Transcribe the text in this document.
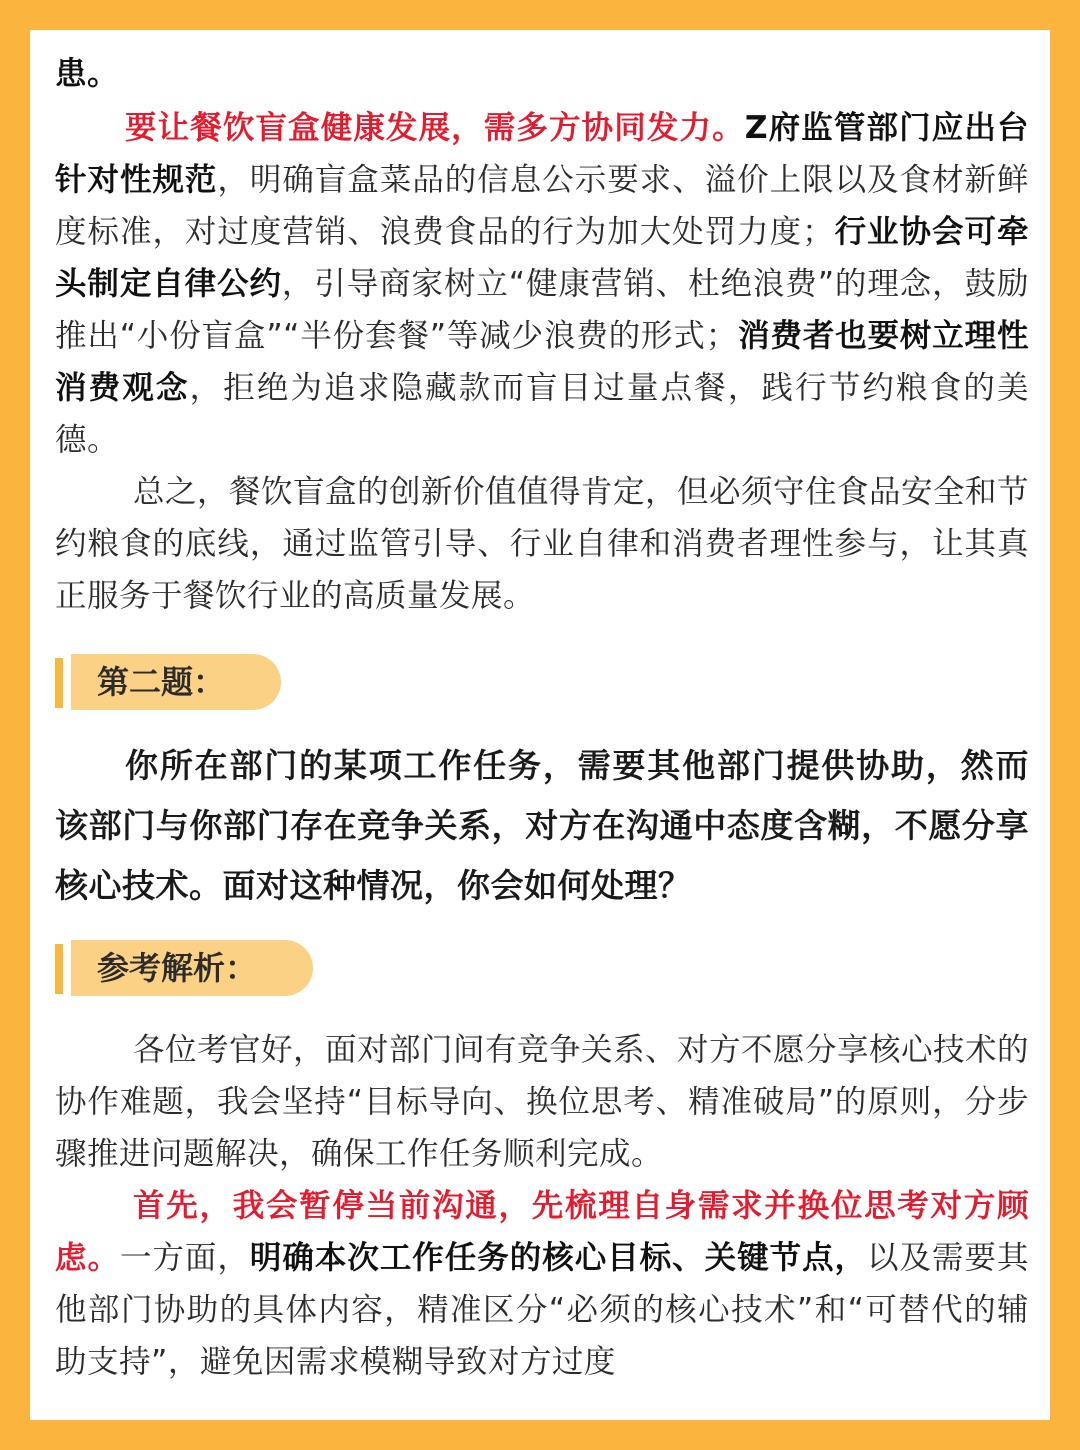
患。

要让餐饮盲盒健康发展，需多方协同发力。Z府监管部门应出台针对性规范，明确盲盒菜品的信息公示要求、溢价上限以及食材新鲜度标准，对过度营销、浪费食品的行为加大处罚力度；行业协会可牵头制定自律公约，引导商家树立“健康营销、杜绝浪费”的理念，鼓励推出“小份盲盒”“半份套餐”等减少浪费的形式；消费者也要树立理性消费观念，拒绝为追求隐藏款而盲目过量点餐，践行节约粮食的美德。

总之，餐饮盲盒的创新价值值得肯定，但必须守住食品安全和节约粮食的底线，通过监管引导、行业自律和消费者理性参与，让其真正服务于餐饮行业的高质量发展。

第二题：

你所在部门的某项工作任务，需要其他部门提供协助，然而该部门与你部门存在竞争关系，对方在沟通中态度含糊，不愿分享核心技术。面对这种情况，你会如何处理？

参考解析：

各位考官好，面对部门间有竞争关系、对方不愿分享核心技术的协作难题，我会坚持“目标导向、换位思考、精准破局”的原则，分步骤推进问题解决，确保工作任务顺利完成。

首先，我会暂停当前沟通，先梳理自身需求并换位思考对方顾虑。一方面，明确本次工作任务的核心目标、关键节点，以及需要其他部门协助的具体内容，精准区分“必须的核心技术”和“可替代的辅助支持”，避免因需求模糊导致对方过度
